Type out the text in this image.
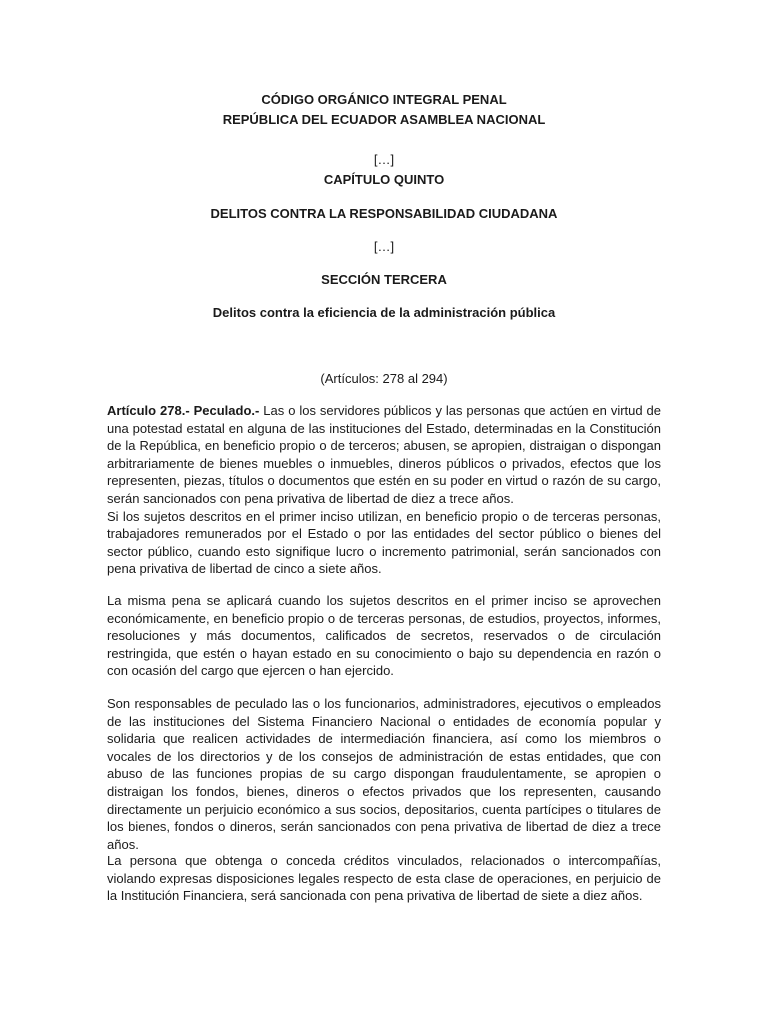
CÓDIGO ORGÁNICO INTEGRAL PENAL
REPÚBLICA DEL ECUADOR ASAMBLEA NACIONAL
[…]
CAPÍTULO QUINTO
DELITOS CONTRA LA RESPONSABILIDAD CIUDADANA
[…]
SECCIÓN TERCERA
Delitos contra la eficiencia de la administración pública
(Artículos: 278 al 294)

Artículo 278.- Peculado.- Las o los servidores públicos y las personas que actúen en virtud de una potestad estatal en alguna de las instituciones del Estado, determinadas en la Constitución de la República, en beneficio propio o de terceros; abusen, se apropien, distraigan o dispongan arbitrariamente de bienes muebles o inmuebles, dineros públicos o privados, efectos que los representen, piezas, títulos o documentos que estén en su poder en virtud o razón de su cargo, serán sancionados con pena privativa de libertad de diez a trece años.

Si los sujetos descritos en el primer inciso utilizan, en beneficio propio o de terceras personas, trabajadores remunerados por el Estado o por las entidades del sector público o bienes del sector público, cuando esto signifique lucro o incremento patrimonial, serán sancionados con pena privativa de libertad de cinco a siete años.

La misma pena se aplicará cuando los sujetos descritos en el primer inciso se aprovechen económicamente, en beneficio propio o de terceras personas, de estudios, proyectos, informes, resoluciones y más documentos, calificados de secretos, reservados o de circulación restringida, que estén o hayan estado en su conocimiento o bajo su dependencia en razón o con ocasión del cargo que ejercen o han ejercido.
Son responsables de peculado las o los funcionarios, administradores, ejecutivos o empleados de las instituciones del Sistema Financiero Nacional o entidades de economía popular y solidaria que realicen actividades de intermediación financiera, así como los miembros o vocales de los directorios y de los consejos de administración de estas entidades, que con abuso de las funciones propias de su cargo dispongan fraudulentamente, se apropien o distraigan los fondos, bienes, dineros o efectos privados que los representen, causando directamente un perjuicio económico a sus socios, depositarios, cuenta partícipes o titulares de los bienes, fondos o dineros, serán sancionados con pena privativa de libertad de diez a trece años.
La persona que obtenga o conceda créditos vinculados, relacionados o intercompañías, violando expresas disposiciones legales respecto de esta clase de operaciones, en perjuicio de la Institución Financiera, será sancionada con pena privativa de libertad de siete a diez años.
